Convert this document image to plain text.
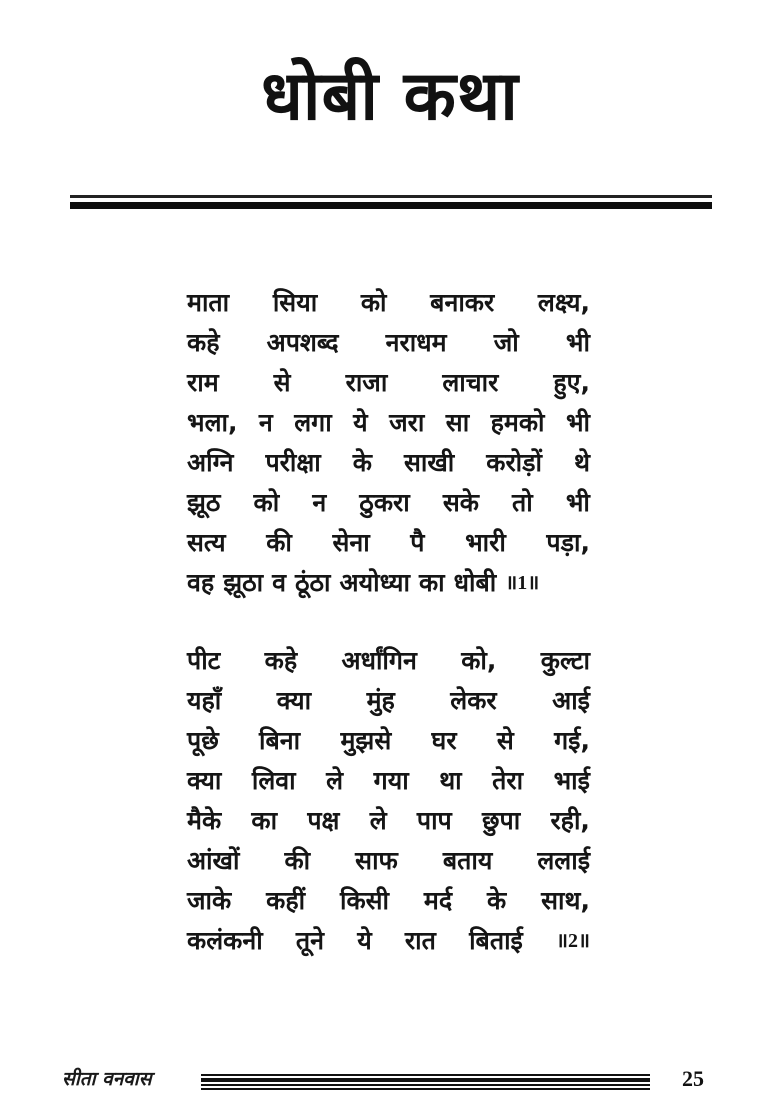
धोबी कथा
माता सिया को बनाकर लक्ष्य,
कहे अपशब्द नराधम जो भी
राम से राजा लाचार हुए,
भला, न लगा ये जरा सा हमको भी
अग्नि परीक्षा के साखी करोड़ों थे
झूठ को न ठुकरा सके तो भी
सत्य की सेना पै भारी पड़ा,
वह झूठा व ठूंठा अयोध्या का धोबी ॥1॥
पीट कहे अर्धांगिन को, कुल्टा
यहाँ क्या मुंह लेकर आई
पूछे बिना मुझसे घर से गई,
क्या लिवा ले गया था तेरा भाई
मैके का पक्ष ले पाप छुपा रही,
आंखों की साफ बताय ललाई
जाके कहीं किसी मर्द के साथ,
कलंकनी तूने ये रात बिताई ॥2॥
सीता वनवास	25
